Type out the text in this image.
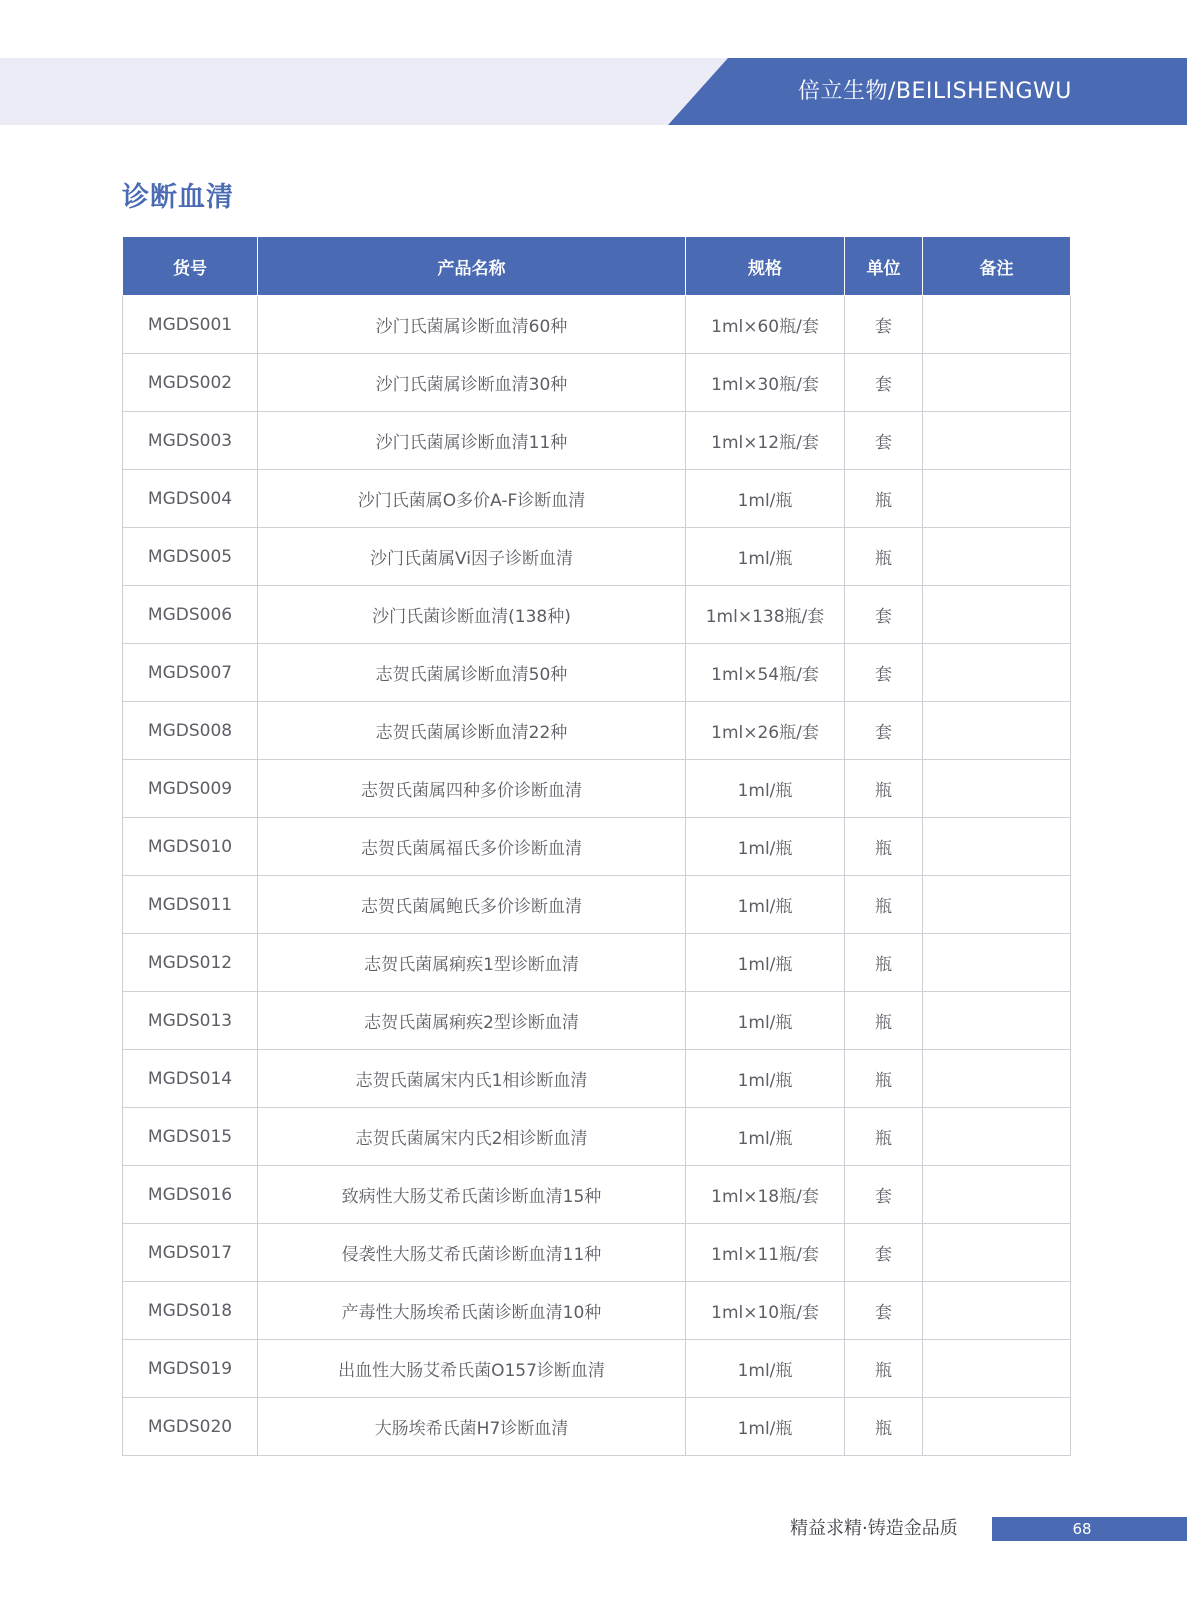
倍立生物/BEILISHENGWU
诊断血清
货号	产品名称	规格	单位	备注
MGDS001	沙门氏菌属诊断血清60种	1ml×60瓶/套	套	
MGDS002	沙门氏菌属诊断血清30种	1ml×30瓶/套	套	
MGDS003	沙门氏菌属诊断血清11种	1ml×12瓶/套	套	
MGDS004	沙门氏菌属O多价A-F诊断血清	1ml/瓶	瓶	
MGDS005	沙门氏菌属Vi因子诊断血清	1ml/瓶	瓶	
MGDS006	沙门氏菌诊断血清(138种)	1ml×138瓶/套	套	
MGDS007	志贺氏菌属诊断血清50种	1ml×54瓶/套	套	
MGDS008	志贺氏菌属诊断血清22种	1ml×26瓶/套	套	
MGDS009	志贺氏菌属四种多价诊断血清	1ml/瓶	瓶	
MGDS010	志贺氏菌属福氏多价诊断血清	1ml/瓶	瓶	
MGDS011	志贺氏菌属鲍氏多价诊断血清	1ml/瓶	瓶	
MGDS012	志贺氏菌属痢疾1型诊断血清	1ml/瓶	瓶	
MGDS013	志贺氏菌属痢疾2型诊断血清	1ml/瓶	瓶	
MGDS014	志贺氏菌属宋内氏1相诊断血清	1ml/瓶	瓶	
MGDS015	志贺氏菌属宋内氏2相诊断血清	1ml/瓶	瓶	
MGDS016	致病性大肠艾希氏菌诊断血清15种	1ml×18瓶/套	套	
MGDS017	侵袭性大肠艾希氏菌诊断血清11种	1ml×11瓶/套	套	
MGDS018	产毒性大肠埃希氏菌诊断血清10种	1ml×10瓶/套	套	
MGDS019	出血性大肠艾希氏菌O157诊断血清	1ml/瓶	瓶	
MGDS020	大肠埃希氏菌H7诊断血清	1ml/瓶	瓶	
精益求精·铸造金品质	68
